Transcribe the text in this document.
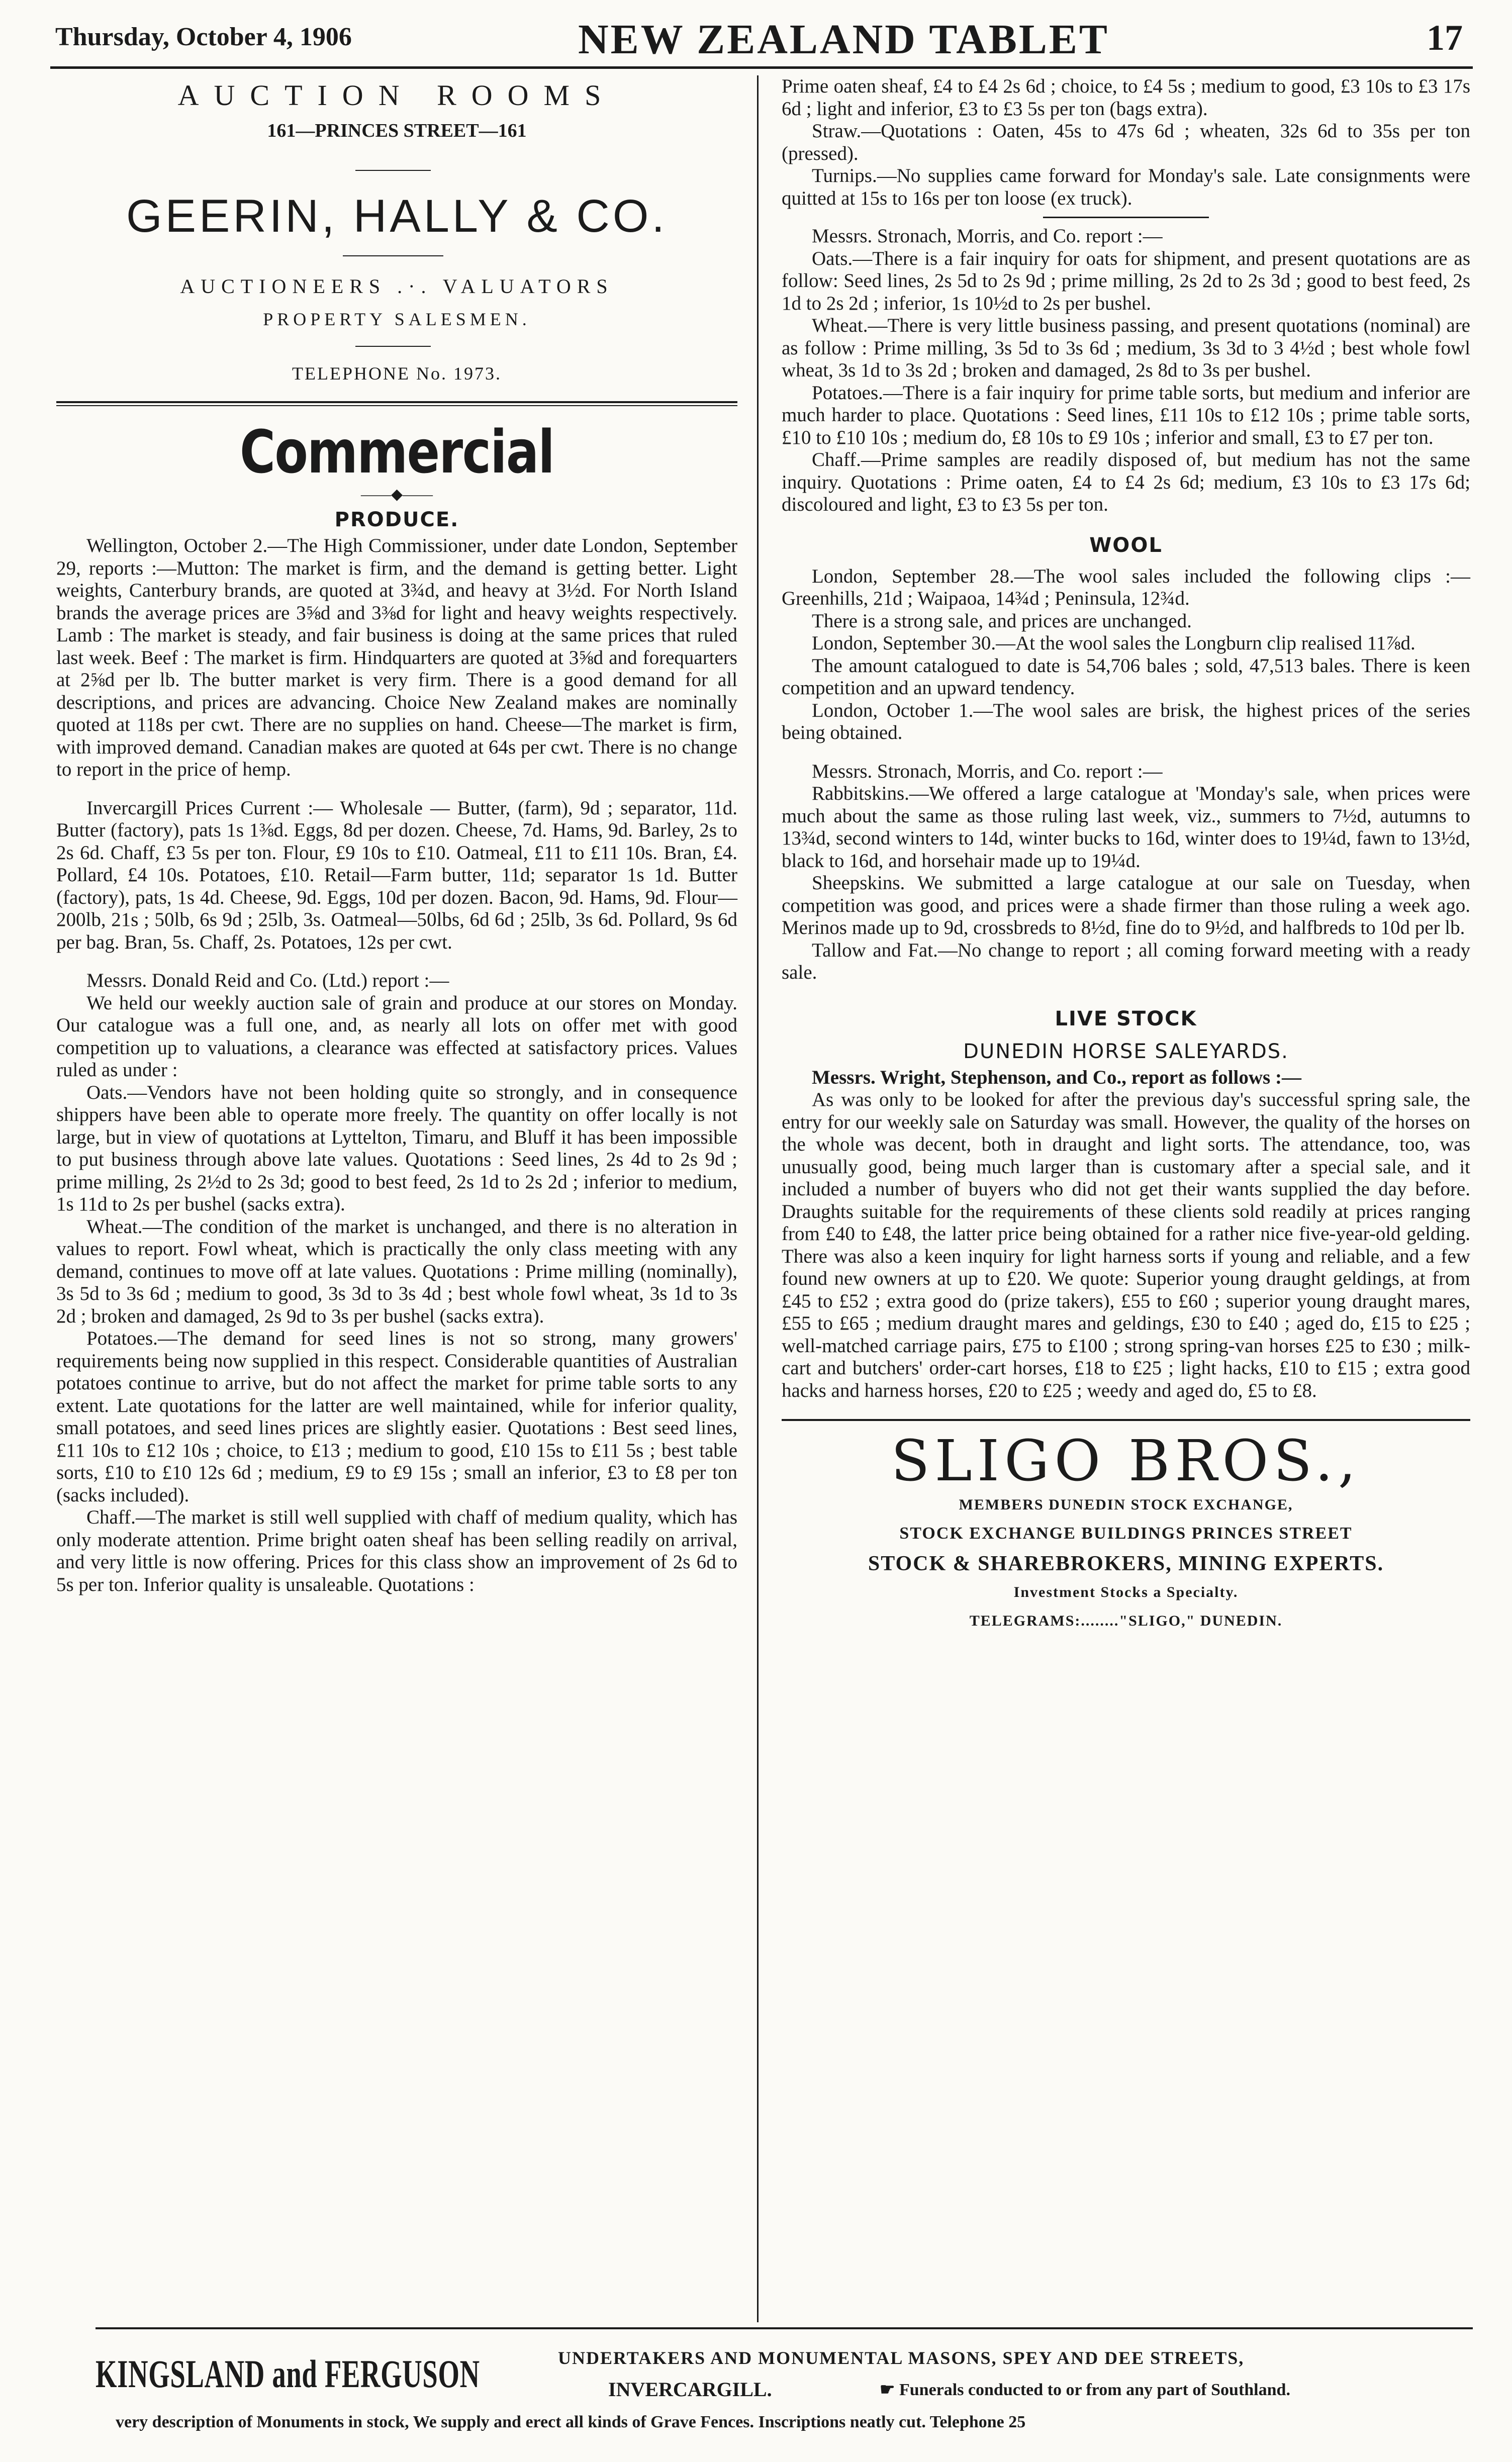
Thursday, October 4, 1906	NEW ZEALAND TABLET	17
AUCTION ROOMS
161—PRINCES STREET—161
GEERIN, HALLY & CO.
AUCTIONEERS .·. VALUATORS
PROPERTY SALESMEN.
TELEPHONE No. 1973.
Commercial
——◆——
PRODUCE.

Wellington, October 2.—The High Commissioner, under date London, September 29, reports :—Mutton: The market is firm, and the demand is getting better. Light weights, Canterbury brands, are quoted at 3¾d, and heavy at 3½d. For North Island brands the average prices are 3⅝d and 3⅜d for light and heavy weights respectively. Lamb : The market is steady, and fair business is doing at the same prices that ruled last week. Beef : The market is firm. Hindquarters are quoted at 3⅝d and forequarters at 2⅝d per lb. The butter market is very firm. There is a good demand for all descriptions, and prices are advancing. Choice New Zealand makes are nominally quoted at 118s per cwt. There are no supplies on hand. Cheese—The market is firm, with improved demand. Canadian makes are quoted at 64s per cwt. There is no change to report in the price of hemp.

Invercargill Prices Current :— Wholesale — Butter, (farm), 9d ; separator, 11d. Butter (factory), pats 1s 1⅜d. Eggs, 8d per dozen. Cheese, 7d. Hams, 9d. Barley, 2s to 2s 6d. Chaff, £3 5s per ton. Flour, £9 10s to £10. Oatmeal, £11 to £11 10s. Bran, £4. Pollard, £4 10s. Potatoes, £10. Retail—Farm butter, 11d; separator 1s 1d. Butter (factory), pats, 1s 4d. Cheese, 9d. Eggs, 10d per dozen. Bacon, 9d. Hams, 9d. Flour—200lb, 21s ; 50lb, 6s 9d ; 25lb, 3s. Oatmeal—50lbs, 6d 6d ; 25lb, 3s 6d. Pollard, 9s 6d per bag. Bran, 5s. Chaff, 2s. Potatoes, 12s per cwt.

Messrs. Donald Reid and Co. (Ltd.) report :—

We held our weekly auction sale of grain and produce at our stores on Monday. Our catalogue was a full one, and, as nearly all lots on offer met with good competition up to valuations, a clearance was effected at satisfactory prices. Values ruled as under :

Oats.—Vendors have not been holding quite so strongly, and in consequence shippers have been able to operate more freely. The quantity on offer locally is not large, but in view of quotations at Lyttelton, Timaru, and Bluff it has been impossible to put business through above late values. Quotations : Seed lines, 2s 4d to 2s 9d ; prime milling, 2s 2½d to 2s 3d; good to best feed, 2s 1d to 2s 2d ; inferior to medium, 1s 11d to 2s per bushel (sacks extra).

Wheat.—The condition of the market is unchanged, and there is no alteration in values to report. Fowl wheat, which is practically the only class meeting with any demand, continues to move off at late values. Quotations : Prime milling (nominally), 3s 5d to 3s 6d ; medium to good, 3s 3d to 3s 4d ; best whole fowl wheat, 3s 1d to 3s 2d ; broken and damaged, 2s 9d to 3s per bushel (sacks extra).

Potatoes.—The demand for seed lines is not so strong, many growers' requirements being now supplied in this respect. Considerable quantities of Australian potatoes continue to arrive, but do not affect the market for prime table sorts to any extent. Late quotations for the latter are well maintained, while for inferior quality, small potatoes, and seed lines prices are slightly easier. Quotations : Best seed lines, £11 10s to £12 10s ; choice, to £13 ; medium to good, £10 15s to £11 5s ; best table sorts, £10 to £10 12s 6d ; medium, £9 to £9 15s ; small an inferior, £3 to £8 per ton (sacks included).

Chaff.—The market is still well supplied with chaff of medium quality, which has only moderate attention. Prime bright oaten sheaf has been selling readily on arrival, and very little is now offering. Prices for this class show an improvement of 2s 6d to 5s per ton. Inferior quality is unsaleable. Quotations :

Prime oaten sheaf, £4 to £4 2s 6d ; choice, to £4 5s ; medium to good, £3 10s to £3 17s 6d ; light and inferior, £3 to £3 5s per ton (bags extra).

Straw.—Quotations : Oaten, 45s to 47s 6d ; wheaten, 32s 6d to 35s per ton (pressed).

Turnips.—No supplies came forward for Monday's sale. Late consignments were quitted at 15s to 16s per ton loose (ex truck).

Messrs. Stronach, Morris, and Co. report :—

Oats.—There is a fair inquiry for oats for shipment, and present quotations are as follow: Seed lines, 2s 5d to 2s 9d ; prime milling, 2s 2d to 2s 3d ; good to best feed, 2s 1d to 2s 2d ; inferior, 1s 10½d to 2s per bushel.

Wheat.—There is very little business passing, and present quotations (nominal) are as follow : Prime milling, 3s 5d to 3s 6d ; medium, 3s 3d to 3 4½d ; best whole fowl wheat, 3s 1d to 3s 2d ; broken and damaged, 2s 8d to 3s per bushel.

Potatoes.—There is a fair inquiry for prime table sorts, but medium and inferior are much harder to place. Quotations : Seed lines, £11 10s to £12 10s ; prime table sorts, £10 to £10 10s ; medium do, £8 10s to £9 10s ; inferior and small, £3 to £7 per ton.

Chaff.—Prime samples are readily disposed of, but medium has not the same inquiry. Quotations : Prime oaten, £4 to £4 2s 6d; medium, £3 10s to £3 17s 6d; discoloured and light, £3 to £3 5s per ton.

WOOL

London, September 28.—The wool sales included the following clips :—Greenhills, 21d ; Waipaoa, 14¾d ; Peninsula, 12¾d.

There is a strong sale, and prices are unchanged.

London, September 30.—At the wool sales the Longburn clip realised 11⅞d.

The amount catalogued to date is 54,706 bales ; sold, 47,513 bales. There is keen competition and an upward tendency.

London, October 1.—The wool sales are brisk, the highest prices of the series being obtained.

Messrs. Stronach, Morris, and Co. report :—

Rabbitskins.—We offered a large catalogue at 'Monday's sale, when prices were much about the same as those ruling last week, viz., summers to 7½d, autumns to 13¾d, second winters to 14d, winter bucks to 16d, winter does to 19¼d, fawn to 13½d, black to 16d, and horsehair made up to 19¼d.

Sheepskins. We submitted a large catalogue at our sale on Tuesday, when competition was good, and prices were a shade firmer than those ruling a week ago. Merinos made up to 9d, crossbreds to 8½d, fine do to 9½d, and halfbreds to 10d per lb.

Tallow and Fat.—No change to report ; all coming forward meeting with a ready sale.

LIVE STOCK
DUNEDIN HORSE SALEYARDS.

Messrs. Wright, Stephenson, and Co., report as follows :—

As was only to be looked for after the previous day's successful spring sale, the entry for our weekly sale on Saturday was small. However, the quality of the horses on the whole was decent, both in draught and light sorts. The attendance, too, was unusually good, being much larger than is customary after a special sale, and it included a number of buyers who did not get their wants supplied the day before. Draughts suitable for the requirements of these clients sold readily at prices ranging from £40 to £48, the latter price being obtained for a rather nice five-year-old gelding. There was also a keen inquiry for light harness sorts if young and reliable, and a few found new owners at up to £20. We quote: Superior young draught geldings, at from £45 to £52 ; extra good do (prize takers), £55 to £60 ; superior young draught mares, £55 to £65 ; medium draught mares and geldings, £30 to £40 ; aged do, £15 to £25 ; well-matched carriage pairs, £75 to £100 ; strong spring-van horses £25 to £30 ; milk-cart and butchers' order-cart horses, £18 to £25 ; light hacks, £10 to £15 ; extra good hacks and harness horses, £20 to £25 ; weedy and aged do, £5 to £8.

SLIGO BROS.,
MEMBERS DUNEDIN STOCK EXCHANGE,
STOCK EXCHANGE BUILDINGS PRINCES STREET
STOCK & SHAREBROKERS, MINING EXPERTS.
Investment Stocks a Specialty.
TELEGRAMS:........"SLIGO," DUNEDIN.
KINGSLAND and FERGUSON	UNDERTAKERS AND MONUMENTAL MASONS, SPEY AND DEE STREETS,
INVERCARGILL.	☛ Funerals conducted to or from any part of Southland.
very description of Monuments in stock, We supply and erect all kinds of Grave Fences. Inscriptions neatly cut. Telephone 25
